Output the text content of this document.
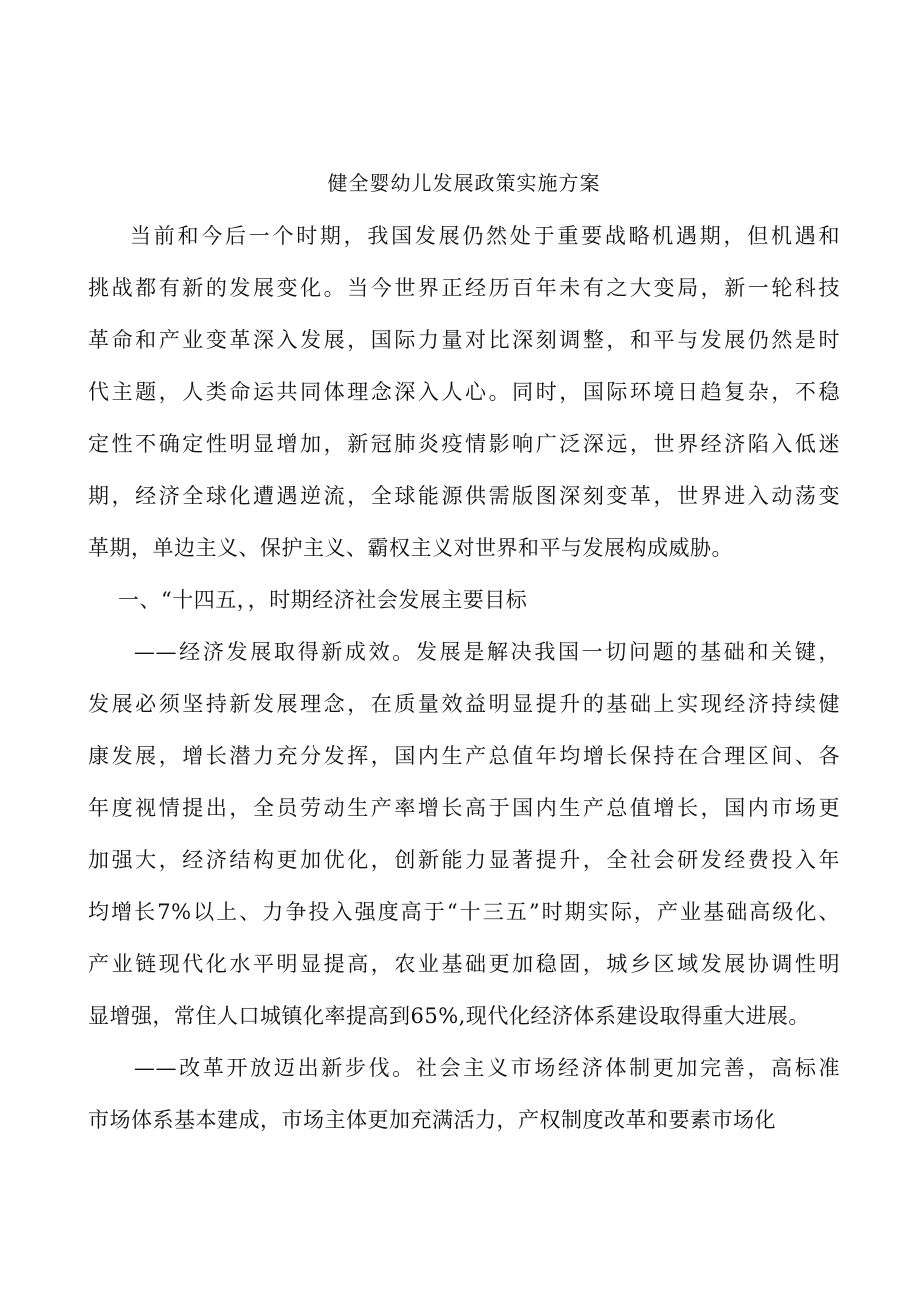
健全婴幼儿发展政策实施方案
当前和今后一个时期，我国发展仍然处于重要战略机遇期，但机遇和
挑战都有新的发展变化。当今世界正经历百年未有之大变局，新一轮科技
革命和产业变革深入发展，国际力量对比深刻调整，和平与发展仍然是时
代主题，人类命运共同体理念深入人心。同时，国际环境日趋复杂，不稳
定性不确定性明显增加，新冠肺炎疫情影响广泛深远，世界经济陷入低迷
期，经济全球化遭遇逆流，全球能源供需版图深刻变革，世界进入动荡变
革期，单边主义、保护主义、霸权主义对世界和平与发展构成威胁。
一、“十四五，，时期经济社会发展主要目标
——经济发展取得新成效。发展是解决我国一切问题的基础和关键，
发展必须坚持新发展理念，在质量效益明显提升的基础上实现经济持续健
康发展，增长潜力充分发挥，国内生产总值年均增长保持在合理区间、各
年度视情提出，全员劳动生产率增长高于国内生产总值增长，国内市场更
加强大，经济结构更加优化，创新能力显著提升，全社会研发经费投入年
均增长7%以上、力争投入强度高于“十三五”时期实际，产业基础高级化、
产业链现代化水平明显提高，农业基础更加稳固，城乡区域发展协调性明
显增强，常住人口城镇化率提高到65%,现代化经济体系建设取得重大进展。
——改革开放迈出新步伐。社会主义市场经济体制更加完善，高标准
市场体系基本建成，市场主体更加充满活力，产权制度改革和要素市场化
